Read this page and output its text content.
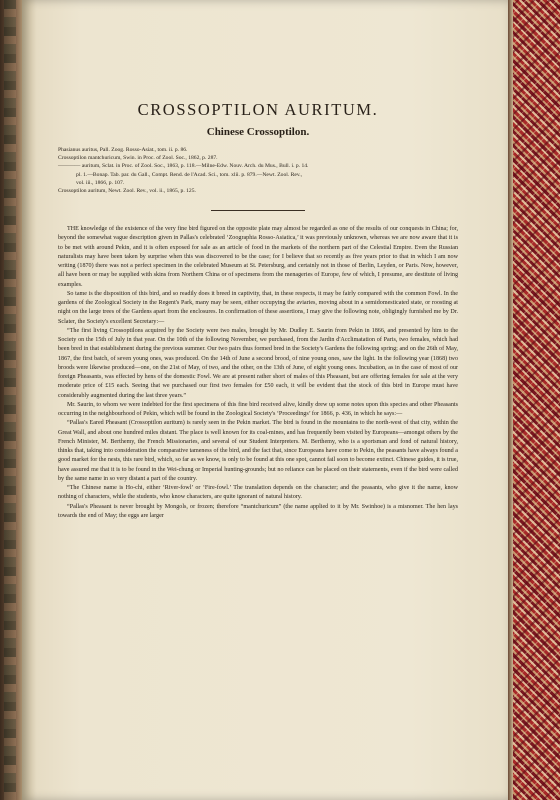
CROSSOPTILON AURITUM.
Chinese Crossoptilon.

Phasianus auritus, Pall. Zoog. Rosso-Asiat., tom. ii. p. 86.

Crossoptilon mantchuricum, Swin. in Proc. of Zool. Soc., 1862, p. 287.

———— auritum, Sclat. in Proc. of Zool. Soc., 1863, p. 118.—Milne-Edw. Nouv. Arch. du Mus., Bull. i. p. 14.

pl. 1.—Bonap. Tab. par. du Gall., Compt. Rend. de l'Acad. Sci., tom. xlii. p. 879.—Newt. Zool. Rev.,

vol. iii., 1866, p. 107.

Crossoptilon auritum, Newt. Zool. Rev., vol. ii., 1865, p. 125.

THE knowledge of the existence of the very fine bird figured on the opposite plate may almost be regarded as one of the results of our conquests in China; for, beyond the somewhat vague description given in Pallas's celebrated ‘Zoographia Rosso-Asiatica,’ it was previously unknown, whereas we are now aware that it is to be met with around Pekin, and it is often exposed for sale as an article of food in the markets of the northern part of the Celestial Empire. Even the Russian naturalists may have been taken by surprise when this was discovered to be the case; for I believe that so recently as five years prior to that in which I am now writing (1870) there was not a perfect specimen in the celebrated Museum at St. Petersburg, and certainly not in those of Berlin, Leyden, or Paris. Now, however, all have been or may be supplied with skins from Northern China or of specimens from the menageries of Europe, few of which, I presume, are destitute of living examples.

So tame is the disposition of this bird, and so readily does it breed in captivity, that, in these respects, it may be fairly compared with the common Fowl. In the gardens of the Zoological Society in the Regent's Park, many may be seen, either occupying the aviaries, moving about in a semidomesticated state, or roosting at night on the large trees of the Gardens apart from the enclosures. In confirmation of these assertions, I may give the following note, obligingly furnished me by Dr. Sclater, the Society's excellent Secretary:—

“The first living Crossoptilons acquired by the Society were two males, brought by Mr. Dudley E. Saurin from Pekin in 1866, and presented by him to the Society on the 15th of July in that year. On the 10th of the following November, we purchased, from the Jardin d'Acclimatation of Paris, two females, which had been bred in that establishment during the previous summer. Our two pairs thus formed bred in the Society's Gardens the following spring; and on the 26th of May, 1867, the first batch, of seven young ones, was produced. On the 14th of June a second brood, of nine young ones, saw the light. In the following year (1868) two broods were likewise produced—one, on the 21st of May, of two, and the other, on the 13th of June, of eight young ones. Incubation, as in the case of most of our foreign Pheasants, was effected by hens of the domestic Fowl. We are at present rather short of males of this Pheasant, but are offering females for sale at the very moderate price of £15 each. Seeing that we purchased our first two females for £50 each, it will be evident that the stock of this bird in Europe must have considerably augmented during the last three years.”

Mr. Saurin, to whom we were indebted for the first specimens of this fine bird received alive, kindly drew up some notes upon this species and other Pheasants occurring in the neighbourhood of Pekin, which will be found in the Zoological Society's ‘Proceedings’ for 1866, p. 436, in which he says:—

“Pallas's Eared Pheasant (Crossoptilon auritum) is rarely seen in the Pekin market. The bird is found in the mountains to the north-west of that city, within the Great Wall, and about one hundred miles distant. The place is well known for its coal-mines, and has frequently been visited by Europeans—amongst others by the French Minister, M. Berthemy, the French Missionaries, and several of our Student Interpreters. M. Berthemy, who is a sportsman and fond of natural history, thinks that, taking into consideration the comparative tameness of the bird, and the fact that, since Europeans have come to Pekin, the peasants have always found a good market for the nests, this rare bird, which, so far as we know, is only to be found at this one spot, cannot fail soon to become extinct. Chinese guides, it is true, have assured me that it is to be found in the Wei-chung or Imperial hunting-grounds; but no reliance can be placed on their statements, even if the bird were called by the same name in so very distant a part of the country.

“The Chinese name is Ho-chi, either ‘River-fowl’ or ‘Fire-fowl.’ The translation depends on the character; and the peasants, who give it the name, know nothing of characters, while the students, who know characters, are quite ignorant of natural history.

“Pallas's Pheasant is never brought by Mongols, or frozen; therefore “mantchuricum” (the name applied to it by Mr. Swinhoe) is a misnomer. The hen lays towards the end of May; the eggs are larger
